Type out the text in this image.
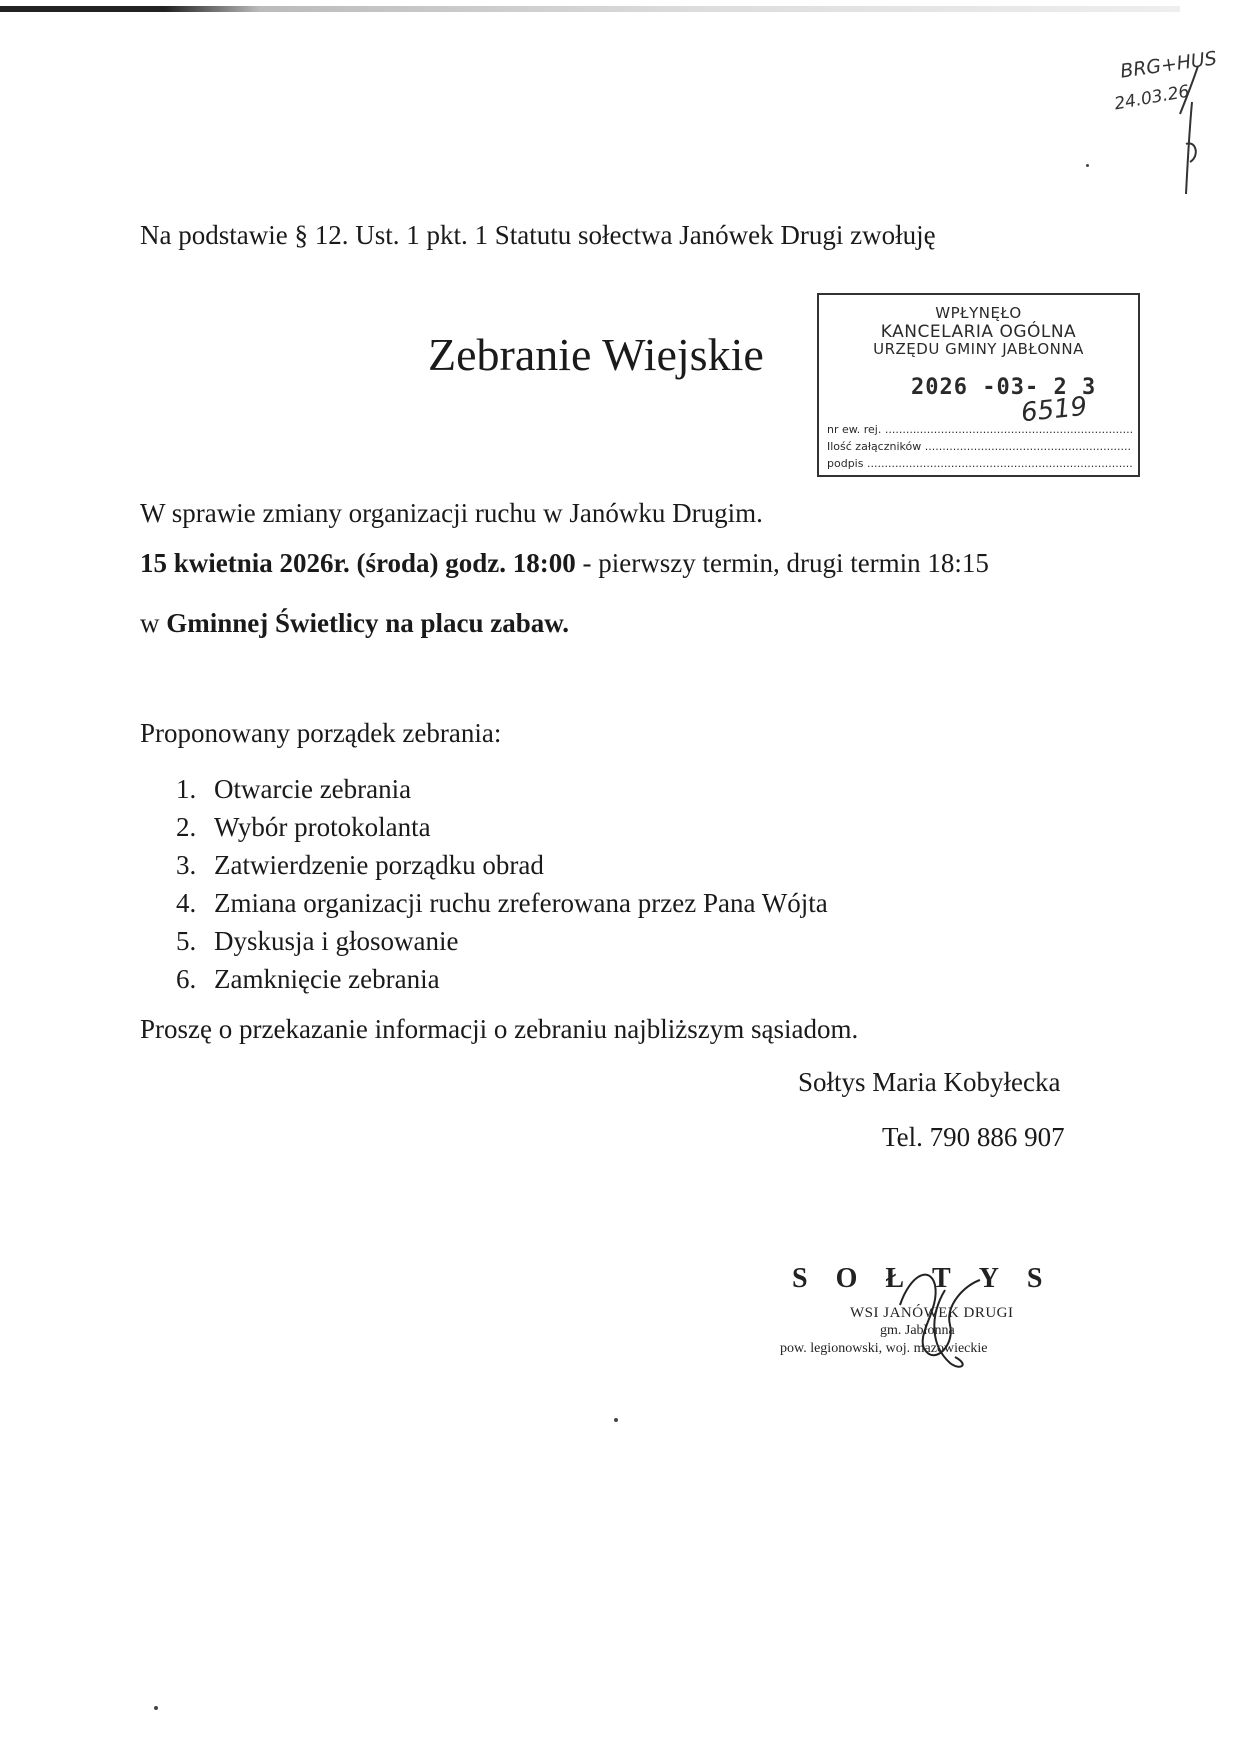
BRG+HUS
24.03.26
Na podstawie § 12. Ust. 1 pkt. 1 Statutu sołectwa Janówek Drugi zwołuję
Zebranie Wiejskie
WPŁYNĘŁO
KANCELARIA OGÓLNA
URZĘDU GMINY JABŁONNA
2026 -03- 2 3
6519
nr ew. rej. .....
Ilość załączników .....
podpis .....
W sprawie zmiany organizacji ruchu w Janówku Drugim.
15 kwietnia 2026r. (środa) godz. 18:00 - pierwszy termin, drugi termin 18:15
w Gminnej Świetlicy na placu zabaw.
Proponowany porządek zebrania:
1. Otwarcie zebrania
2. Wybór protokolanta
3. Zatwierdzenie porządku obrad
4. Zmiana organizacji ruchu zreferowana przez Pana Wójta
5. Dyskusja i głosowanie
6. Zamknięcie zebrania
Proszę o przekazanie informacji o zebraniu najbliższym sąsiadom.
Sołtys Maria Kobyłecka
Tel. 790 886 907
SOŁTYS
WSI JANÓWEK DRUGI
gm. Jabłonna
pow. legionowski, woj. mazowieckie
